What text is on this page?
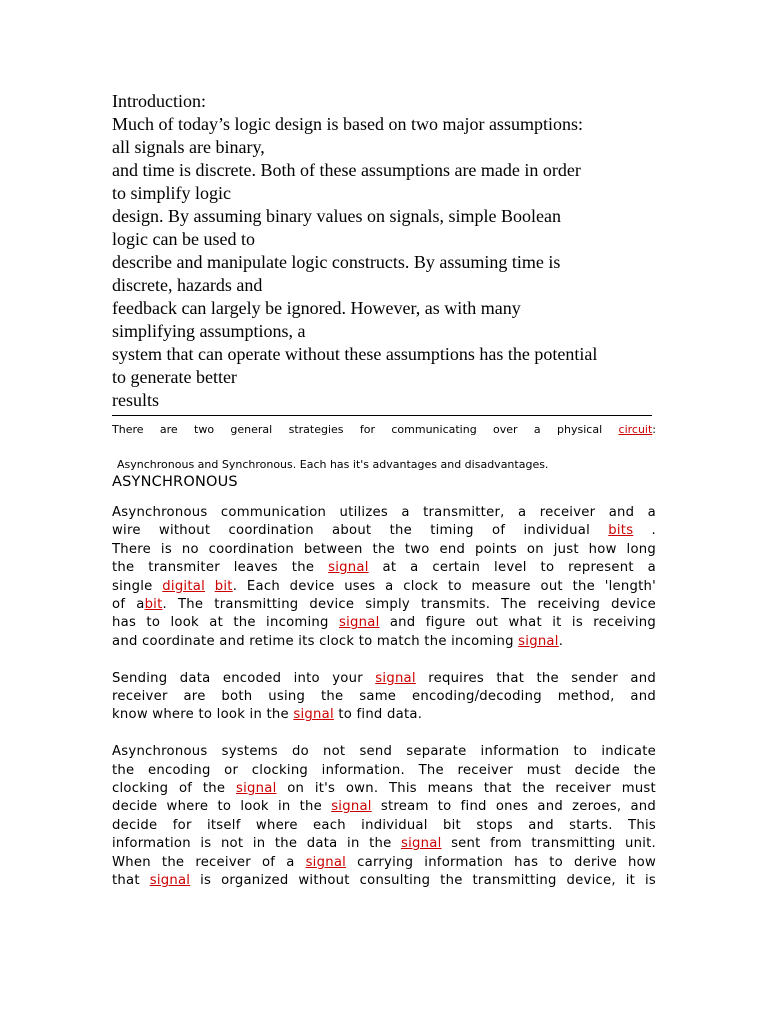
Introduction:
Much of today’s logic design is based on two major assumptions:
all signals are binary,
and time is discrete. Both of these assumptions are made in order
to simplify logic
design. By assuming binary values on signals, simple Boolean
logic can be used to
describe and manipulate logic constructs. By assuming time is
discrete, hazards and
feedback can largely be ignored. However, as with many
simplifying assumptions, a
system that can operate without these assumptions has the potential
to generate better
results
There are two general strategies for communicating over a physical circuit:
Asynchronous and Synchronous. Each has it's advantages and disadvantages.
ASYNCHRONOUS
Asynchronous communication utilizes a transmitter, a receiver and a
wire without coordination about the timing of individual bits .
There is no coordination between the two end points on just how long
the transmiter leaves the signal at a certain level to represent a
single digital bit. Each device uses a clock to measure out the 'length'
of abit. The transmitting device simply transmits. The receiving device
has to look at the incoming signal and figure out what it is receiving
and coordinate and retime its clock to match the incoming signal.
Sending data encoded into your signal requires that the sender and
receiver are both using the same encoding/decoding method, and
know where to look in the signal to find data.
Asynchronous systems do not send separate information to indicate
the encoding or clocking information. The receiver must decide the
clocking of the signal on it's own. This means that the receiver must
decide where to look in the signal stream to find ones and zeroes, and
decide for itself where each individual bit stops and starts. This
information is not in the data in the signal sent from transmitting unit.
When the receiver of a signal carrying information has to derive how
that signal is organized without consulting the transmitting device, it is
